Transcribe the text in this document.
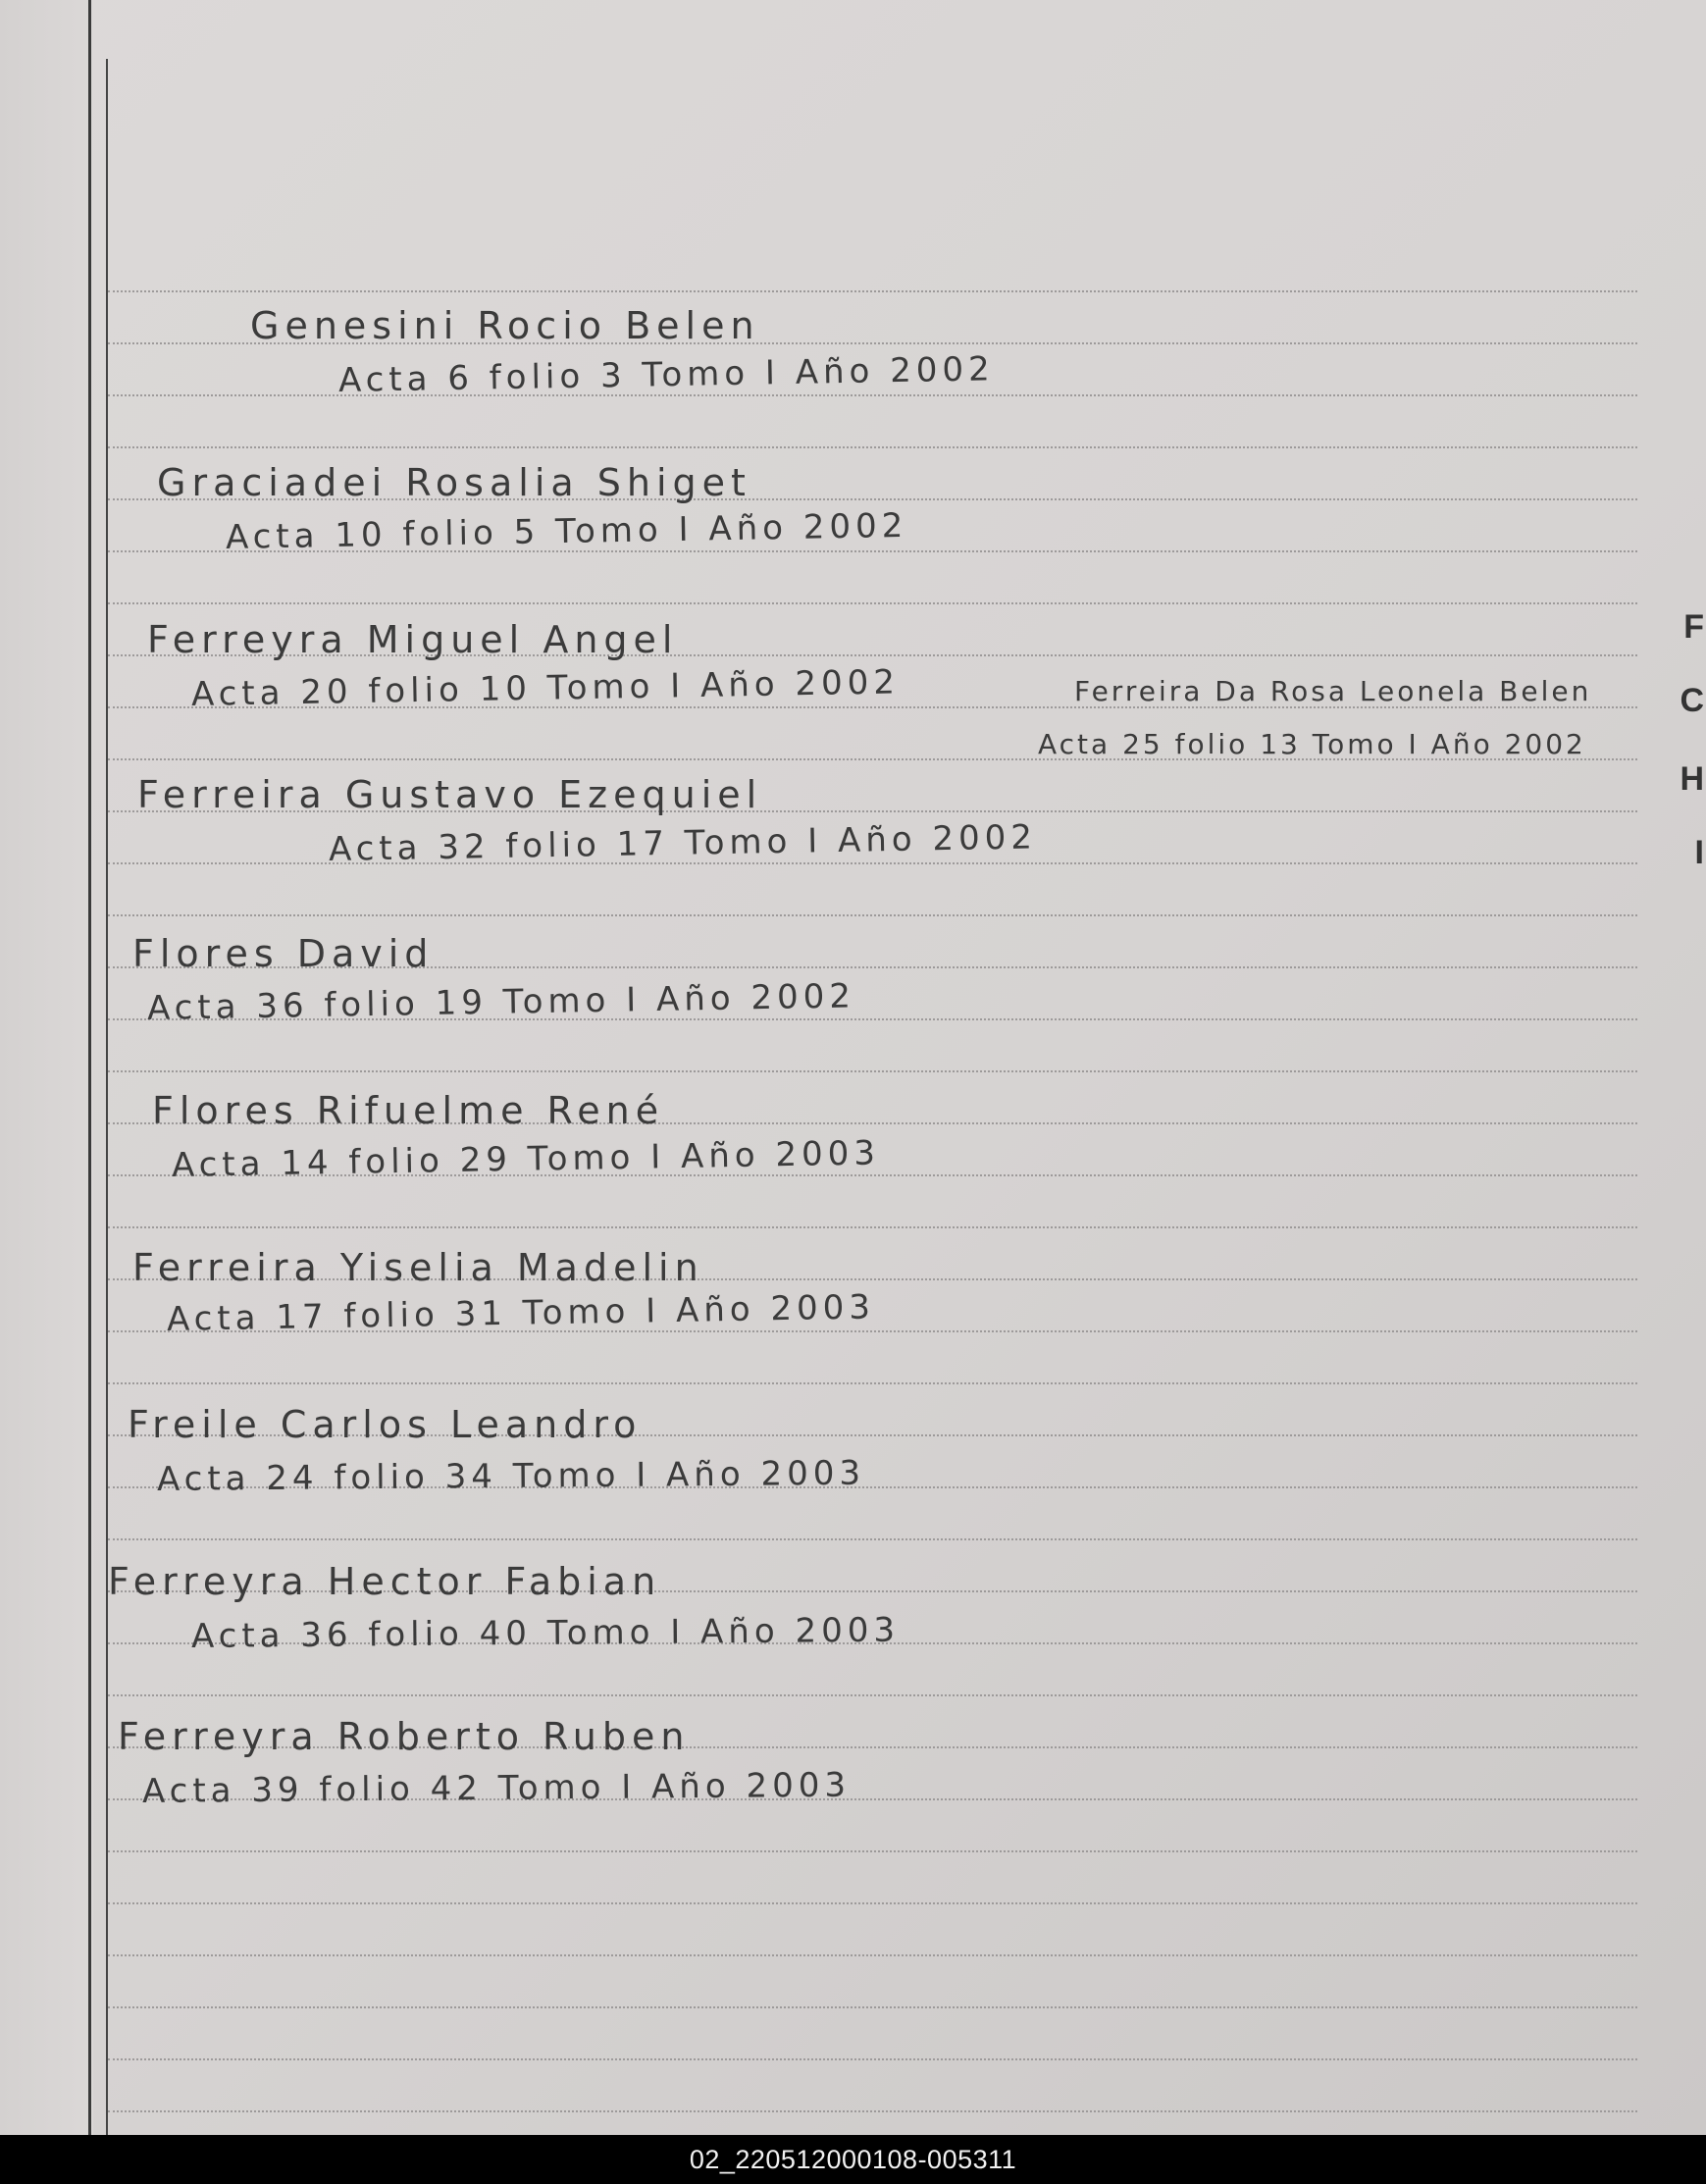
F
C
H
I
Genesini Rocio Belen
Acta 6 folio 3 Tomo I Año 2002
Graciadei Rosalia Shiget
Acta 10 folio 5 Tomo I Año 2002
Ferreyra Miguel Angel
Acta 20 folio 10 Tomo I Año 2002	Ferreira Da Rosa Leonela Belen
Acta 25 folio 13 Tomo I Año 2002
Ferreira Gustavo Ezequiel
Acta 32 folio 17 Tomo I Año 2002
Flores David
Acta 36 folio 19 Tomo I Año 2002
Flores Rifuelme René
Acta 14 folio 29 Tomo I Año 2003
Ferreira Yiselia Madelin
Acta 17 folio 31 Tomo I Año 2003
Freile Carlos Leandro
Acta 24 folio 34 Tomo I Año 2003
Ferreyra Hector Fabian
Acta 36 folio 40 Tomo I Año 2003
Ferreyra Roberto Ruben
Acta 39 folio 42 Tomo I Año 2003
02_220512000108-005311
